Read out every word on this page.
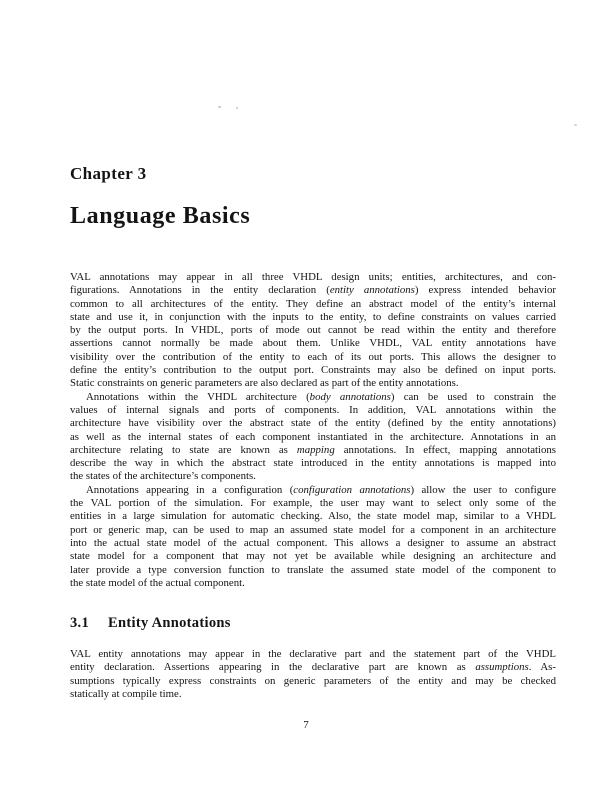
Chapter 3
Language Basics
VAL annotations may appear in all three VHDL design units; entities, architectures, and con-
figurations. Annotations in the entity declaration (entity annotations) express intended behavior
common to all architectures of the entity. They define an abstract model of the entity’s internal
state and use it, in conjunction with the inputs to the entity, to define constraints on values carried
by the output ports. In VHDL, ports of mode out cannot be read within the entity and therefore
assertions cannot normally be made about them. Unlike VHDL, VAL entity annotations have
visibility over the contribution of the entity to each of its out ports. This allows the designer to
define the entity’s contribution to the output port. Constraints may also be defined on input ports.
Static constraints on generic parameters are also declared as part of the entity annotations.
Annotations within the VHDL architecture (body annotations) can be used to constrain the
values of internal signals and ports of components. In addition, VAL annotations within the
architecture have visibility over the abstract state of the entity (defined by the entity annotations)
as well as the internal states of each component instantiated in the architecture. Annotations in an
architecture relating to state are known as mapping annotations. In effect, mapping annotations
describe the way in which the abstract state introduced in the entity annotations is mapped into
the states of the architecture’s components.
Annotations appearing in a configuration (configuration annotations) allow the user to configure
the VAL portion of the simulation. For example, the user may want to select only some of the
entities in a large simulation for automatic checking. Also, the state model map, similar to a VHDL
port or generic map, can be used to map an assumed state model for a component in an architecture
into the actual state model of the actual component. This allows a designer to assume an abstract
state model for a component that may not yet be available while designing an architecture and
later provide a type conversion function to translate the assumed state model of the component to
the state model of the actual component.
3.1 Entity Annotations
VAL entity annotations may appear in the declarative part and the statement part of the VHDL
entity declaration. Assertions appearing in the declarative part are known as assumptions. As-
sumptions typically express constraints on generic parameters of the entity and may be checked
statically at compile time.
7
